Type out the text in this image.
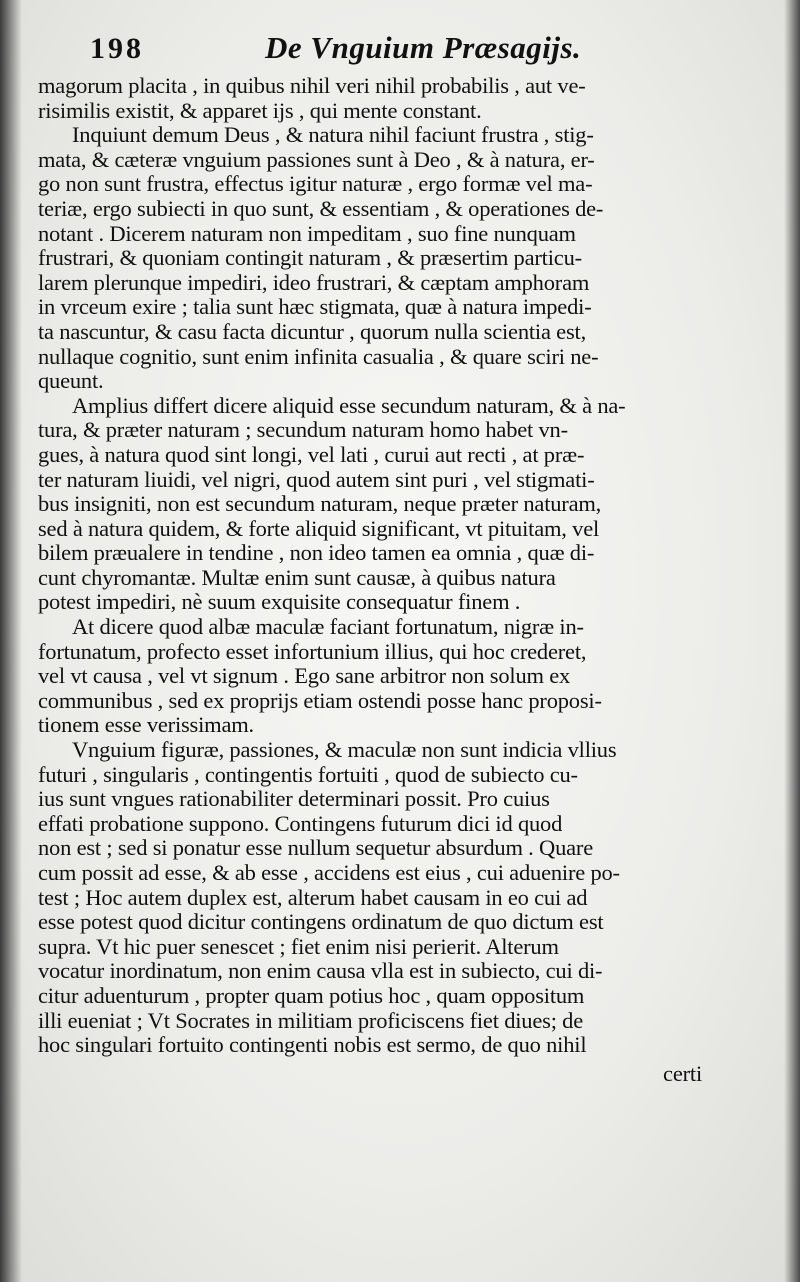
198	De Vnguium Præsagijs.

magorum placita , in quibus nihil veri nihil probabilis , aut ve-
risimilis existit, & apparet ijs , qui mente constant.

Inquiunt demum Deus , & natura nihil faciunt frustra , stig-
mata, & cæteræ vnguium passiones sunt à Deo , & à natura, er-
go non sunt frustra, effectus igitur naturæ , ergo formæ vel ma-
teriæ, ergo subiecti in quo sunt, & essentiam , & operationes de-
notant . Dicerem naturam non impeditam , suo fine nunquam
frustrari, & quoniam contingit naturam , & præsertim particu-
larem plerunque impediri, ideo frustrari, & cæptam amphoram
in vrceum exire ; talia sunt hæc stigmata, quæ à natura impedi-
ta nascuntur, & casu facta dicuntur , quorum nulla scientia est,
nullaque cognitio, sunt enim infinita casualia , & quare sciri ne-
queunt.

Amplius differt dicere aliquid esse secundum naturam, & à na-
tura, & præter naturam ; secundum naturam homo habet vn-
gues, à natura quod sint longi, vel lati , curui aut recti , at præ-
ter naturam liuidi, vel nigri, quod autem sint puri , vel stigmati-
bus insigniti, non est secundum naturam, neque præter naturam,
sed à natura quidem, & forte aliquid significant, vt pituitam, vel
bilem præualere in tendine , non ideo tamen ea omnia , quæ di-
cunt chyromantæ. Multæ enim sunt causæ, à quibus natura
potest impediri, nè suum exquisite consequatur finem .

At dicere quod albæ maculæ faciant fortunatum, nigræ in-
fortunatum, profecto esset infortunium illius, qui hoc crederet,
vel vt causa , vel vt signum . Ego sane arbitror non solum ex
communibus , sed ex proprijs etiam ostendi posse hanc proposi-
tionem esse verissimam.

Vnguium figuræ, passiones, & maculæ non sunt indicia vllius
futuri , singularis , contingentis fortuiti , quod de subiecto cu-
ius sunt vngues rationabiliter determinari possit. Pro cuius
effati probatione suppono. Contingens futurum dici id quod
non est ; sed si ponatur esse nullum sequetur absurdum . Quare
cum possit ad esse, & ab esse , accidens est eius , cui aduenire po-
test ; Hoc autem duplex est, alterum habet causam in eo cui ad
esse potest quod dicitur contingens ordinatum de quo dictum est
supra. Vt hic puer senescet ; fiet enim nisi perierit. Alterum
vocatur inordinatum, non enim causa vlla est in subiecto, cui di-
citur aduenturum , propter quam potius hoc , quam oppositum
illi eueniat ; Vt Socrates in militiam proficiscens fiet diues; de
hoc singulari fortuito contingenti nobis est sermo, de quo nihil

certi
